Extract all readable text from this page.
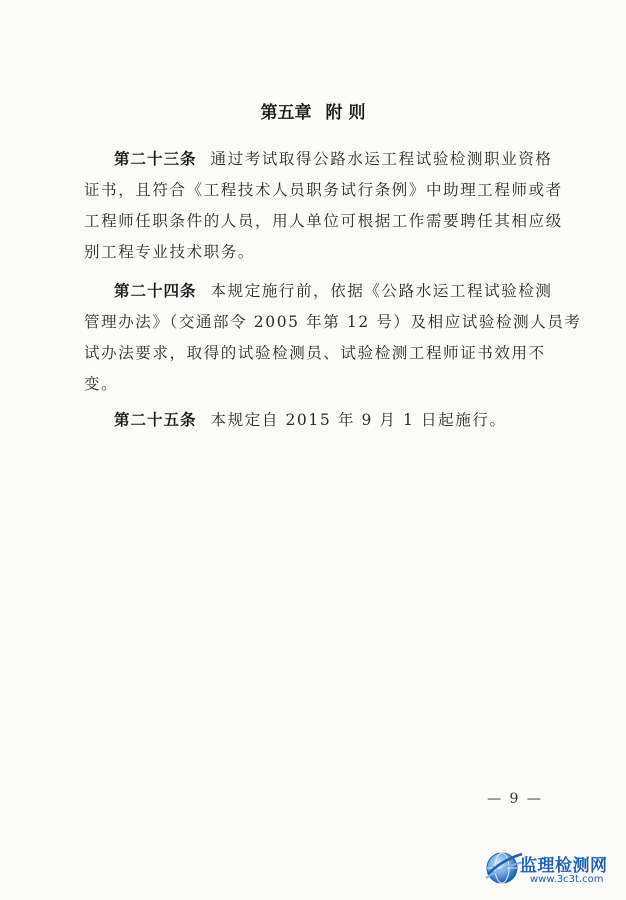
第五章 附 则
第二十三条 通过考试取得公路水运工程试验检测职业资格
证书，且符合《工程技术人员职务试行条例》中助理工程师或者
工程师任职条件的人员，用人单位可根据工作需要聘任其相应级
别工程专业技术职务。
第二十四条 本规定施行前，依据《公路水运工程试验检测
管理办法》（交通部令 2005 年第 12 号）及相应试验检测人员考
试办法要求，取得的试验检测员、试验检测工程师证书效用不
变。
第二十五条 本规定自 2015 年 9 月 1 日起施行。
— 9 —
监理检测网
www.3c3t.com
